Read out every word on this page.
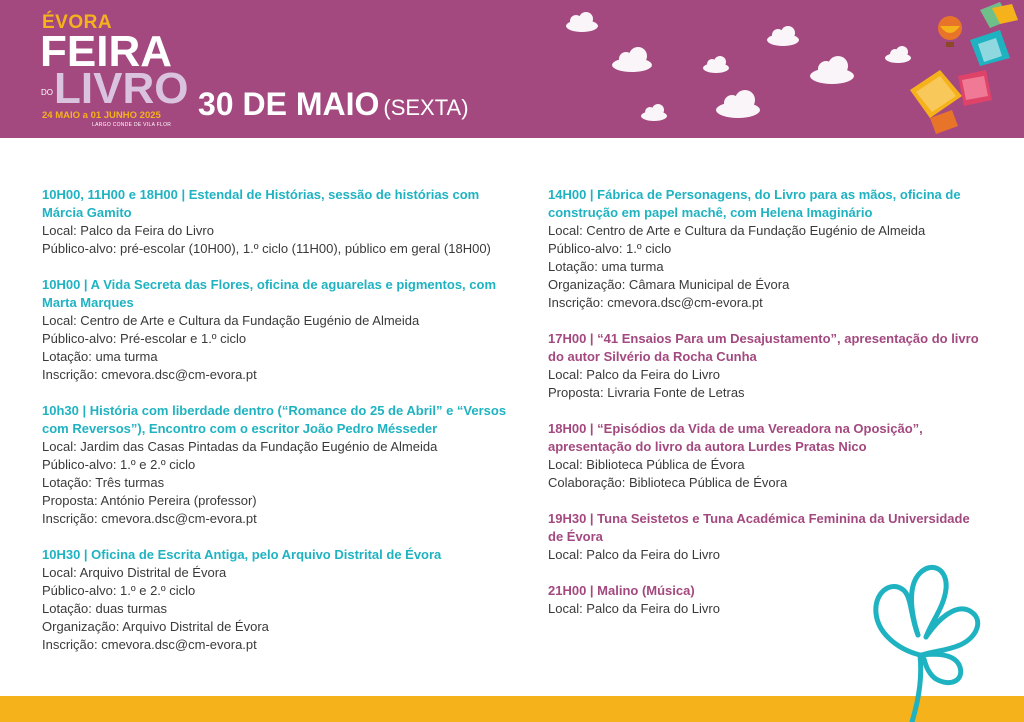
ÉVORA
FEIRA
LIVRO
DO
24 MAIO a 01 JUNHO 2025
LARGO CONDE DE VILA FLOR
30 DE MAIO (SEXTA)
10H00, 11H00 e 18H00 | Estendal de Histórias, sessão de histórias com Márcia Gamito
Local: Palco da Feira do Livro
Público-alvo: pré-escolar (10H00), 1.º ciclo (11H00), público em geral (18H00)
10H00 | A Vida Secreta das Flores, oficina de aguarelas e pigmentos, com Marta Marques
Local: Centro de Arte e Cultura da Fundação Eugénio de Almeida
Público-alvo: Pré-escolar e 1.º ciclo
Lotação: uma turma
Inscrição: cmevora.dsc@cm-evora.pt
10h30 | História com liberdade dentro (“Romance do 25 de Abril” e “Versos com Reversos”), Encontro com o escritor João Pedro Mésseder
Local: Jardim das Casas Pintadas da Fundação Eugénio de Almeida
Público-alvo: 1.º e 2.º ciclo
Lotação: Três turmas
Proposta: António Pereira (professor)
Inscrição: cmevora.dsc@cm-evora.pt
10H30 | Oficina de Escrita Antiga, pelo Arquivo Distrital de Évora
Local: Arquivo Distrital de Évora
Público-alvo: 1.º e 2.º ciclo
Lotação: duas turmas
Organização: Arquivo Distrital de Évora
Inscrição: cmevora.dsc@cm-evora.pt
14H00 | Fábrica de Personagens, do Livro para as mãos, oficina de construção em papel machê, com Helena Imaginário
Local: Centro de Arte e Cultura da Fundação Eugénio de Almeida
Público-alvo: 1.º ciclo
Lotação: uma turma
Organização: Câmara Municipal de Évora
Inscrição: cmevora.dsc@cm-evora.pt
17H00 | “41 Ensaios Para um Desajustamento”, apresentação do livro do autor Silvério da Rocha Cunha
Local: Palco da Feira do Livro
Proposta: Livraria Fonte de Letras
18H00 | “Episódios da Vida de uma Vereadora na Oposição”, apresentação do livro da autora Lurdes Pratas Nico
Local: Biblioteca Pública de Évora
Colaboração: Biblioteca Pública de Évora
19H30 | Tuna Seistetos e Tuna Académica Feminina da Universidade de Évora
Local: Palco da Feira do Livro
21H00 | Malino (Música)
Local: Palco da Feira do Livro
